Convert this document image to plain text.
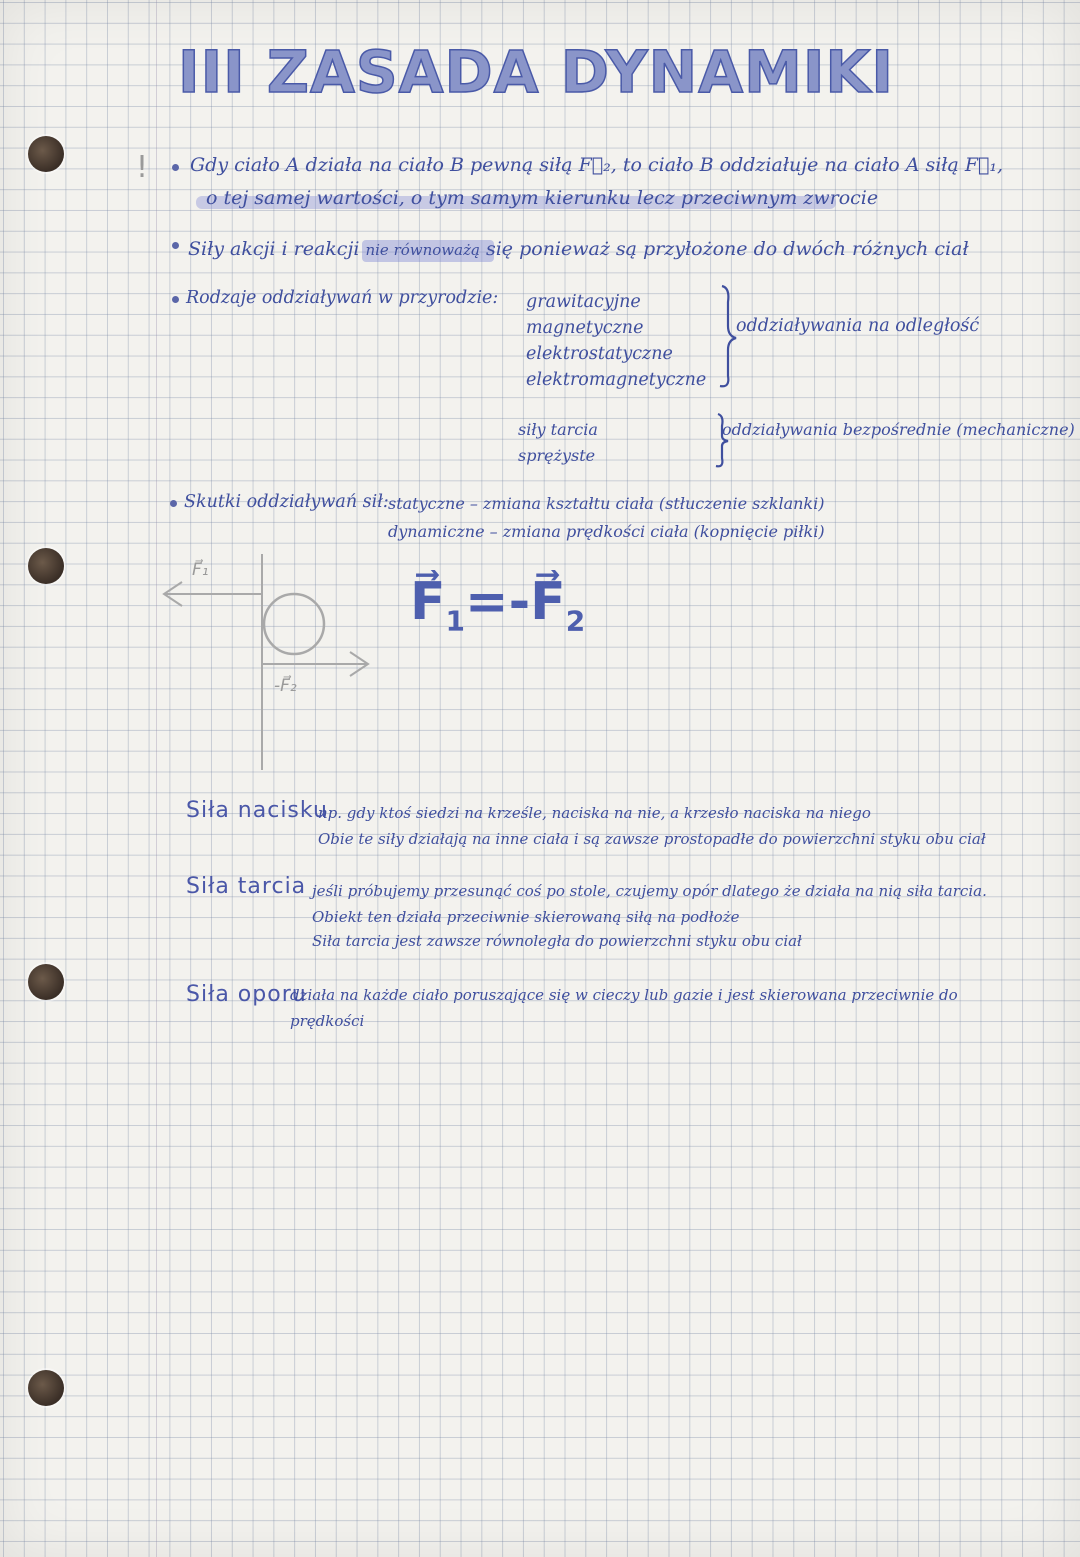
III ZASADA DYNAMIKI
! Gdy ciało A działa na ciało B pewną siłą F⃗₂, to ciało B oddziałuje na ciało A siłą F⃗₁,
o tej samej wartości, o tym samym kierunku lecz przeciwnym zwrocie
Siły akcji i reakcji nie równoważą się ponieważ są przyłożone do dwóch różnych ciał
Rodzaje oddziaływań w przyrodzie: grawitacyjne
magnetyczne
elektrostatyczne
elektromagnetyczne
oddziaływania na odległość
siły tarcia
sprężyste
oddziaływania bezpośrednie (mechaniczne)
Skutki oddziaływań sił: statyczne – zmiana kształtu ciała (stłuczenie szklanki)
dynamiczne – zmiana prędkości ciała (kopnięcie piłki)
F⃗₁
-F⃗₂
$F⃗_1=-F⃗_2$
Siła nacisku
np. gdy ktoś siedzi na krześle, naciska na nie, a krzesło naciska na niego
Obie te siły działają na inne ciała i są zawsze prostopadłe do powierzchni styku obu ciał
Siła tarcia jeśli próbujemy przesunąć coś po stole, czujemy opór dlatego że działa na nią siła tarcia.
Obiekt ten działa przeciwnie skierowaną siłą na podłoże
Siła tarcia jest zawsze równoległa do powierzchni styku obu ciał
Siła oporu
działa na każde ciało poruszające się w cieczy lub gazie i jest skierowana przeciwnie do
prędkości
